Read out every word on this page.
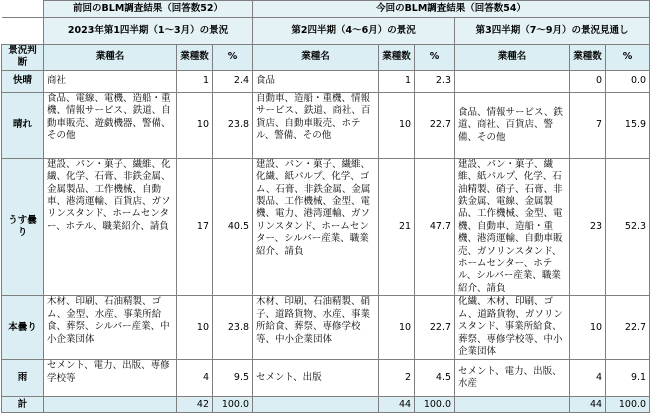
	前回のBLM調査結果（回答数52）			今回のBLM調査結果（回答数54）					
	2023年第1四半期（1～3月）の景況			第2四半期（4～6月）の景況			第3四半期（7～9月）の景況見通し		
景況判断	業種名	業種数	%	業種名	業種数	%	業種名	業種数	%
快晴	商社	1	2.4	食品	1	2.3		0	0.0
晴れ	食品、電線、電機、造船・重機、情報サービス、鉄道、自動車販売、遊戯機器、警備、その他	10	23.8	自動車、造船・重機、情報サービス、鉄道、商社、百貨店、自動車販売、ホテル、警備、その他	10	22.7	食品、情報サービス、鉄道、商社、百貨店、警備、その他	7	15.9
うす曇り	建設、パン・菓子、繊維、化繊、化学、石膏、非鉄金属、金属製品、工作機械、自動車、港湾運輸、百貨店、ガソリンスタンド、ホームセンター、ホテル、職業紹介、請負	17	40.5	建設、パン・菓子、繊維、化繊、紙パルプ、化学、ゴム、石膏、非鉄金属、金属製品、工作機械、金型、電機、電力、港湾運輸、ガソリンスタンド、ホームセンター、シルバー産業、職業紹介、請負	21	47.7	建設、パン・菓子、繊維、紙パルプ、化学、石油精製、硝子、石膏、非鉄金属、電線、金属製品、工作機械、金型、電機、自動車、造船・重機、港湾運輸、自動車販売、ガソリンスタンド、ホームセンター、ホテル、シルバー産業、職業紹介、請負	23	52.3
本曇り	木材、印刷、石油精製、ゴム、金型、水産、事業所給食、葬祭、シルバー産業、中小企業団体	10	23.8	木材、印刷、石油精製、硝子、道路貨物、水産、事業所給食、葬祭、専修学校等、中小企業団体	10	22.7	化繊、木材、印刷、ゴム、道路貨物、ガソリンスタンド、事業所給食、葬祭、専修学校等、中小企業団体	10	22.7
雨	セメント、電力、出版、専修学校等	4	9.5	セメント、出版	2	4.5	セメント、電力、出版、水産	4	9.1
計		42	100.0		44	100.0		44	100.0
